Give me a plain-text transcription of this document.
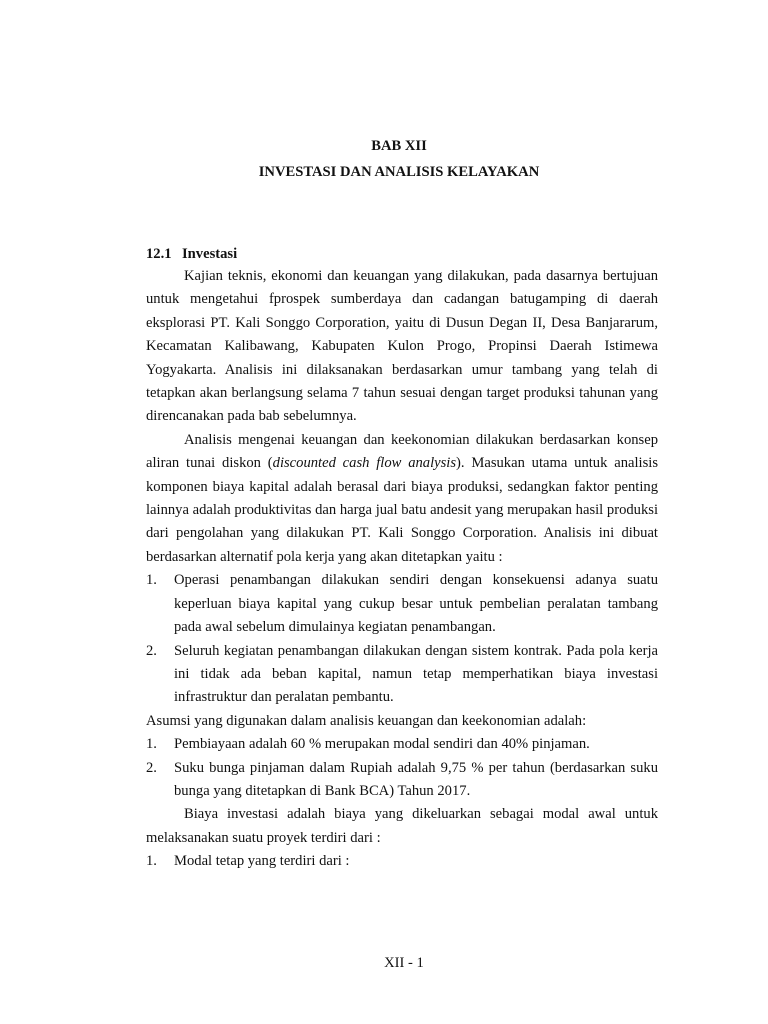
BAB XII
INVESTASI DAN ANALISIS KELAYAKAN
12.1 Investasi

Kajian teknis, ekonomi dan keuangan yang dilakukan, pada dasarnya bertujuan untuk mengetahui fprospek sumberdaya dan cadangan batugamping di daerah eksplorasi PT. Kali Songgo Corporation, yaitu di Dusun Degan II, Desa Banjararum, Kecamatan Kalibawang, Kabupaten Kulon Progo, Propinsi Daerah Istimewa Yogyakarta. Analisis ini dilaksanakan berdasarkan umur tambang yang telah di tetapkan akan berlangsung selama 7 tahun sesuai dengan target produksi tahunan yang direncanakan pada bab sebelumnya.

Analisis mengenai keuangan dan keekonomian dilakukan berdasarkan konsep aliran tunai diskon (discounted cash flow analysis). Masukan utama untuk analisis komponen biaya kapital adalah berasal dari biaya produksi, sedangkan faktor penting lainnya adalah produktivitas dan harga jual batu andesit yang merupakan hasil produksi dari pengolahan yang dilakukan PT. Kali Songgo Corporation. Analisis ini dibuat berdasarkan alternatif pola kerja yang akan ditetapkan yaitu :

1. Operasi penambangan dilakukan sendiri dengan konsekuensi adanya suatu keperluan biaya kapital yang cukup besar untuk pembelian peralatan tambang pada awal sebelum dimulainya kegiatan penambangan.
2. Seluruh kegiatan penambangan dilakukan dengan sistem kontrak. Pada pola kerja ini tidak ada beban kapital, namun tetap memperhatikan biaya investasi infrastruktur dan peralatan pembantu.

Asumsi yang digunakan dalam analisis keuangan dan keekonomian adalah:

1. Pembiayaan adalah 60 % merupakan modal sendiri dan 40% pinjaman.
2. Suku bunga pinjaman dalam Rupiah adalah 9,75 % per tahun (berdasarkan suku bunga yang ditetapkan di Bank BCA) Tahun 2017.

Biaya investasi adalah biaya yang dikeluarkan sebagai modal awal untuk melaksanakan suatu proyek terdiri dari :

1. Modal tetap yang terdiri dari :
XII - 1
